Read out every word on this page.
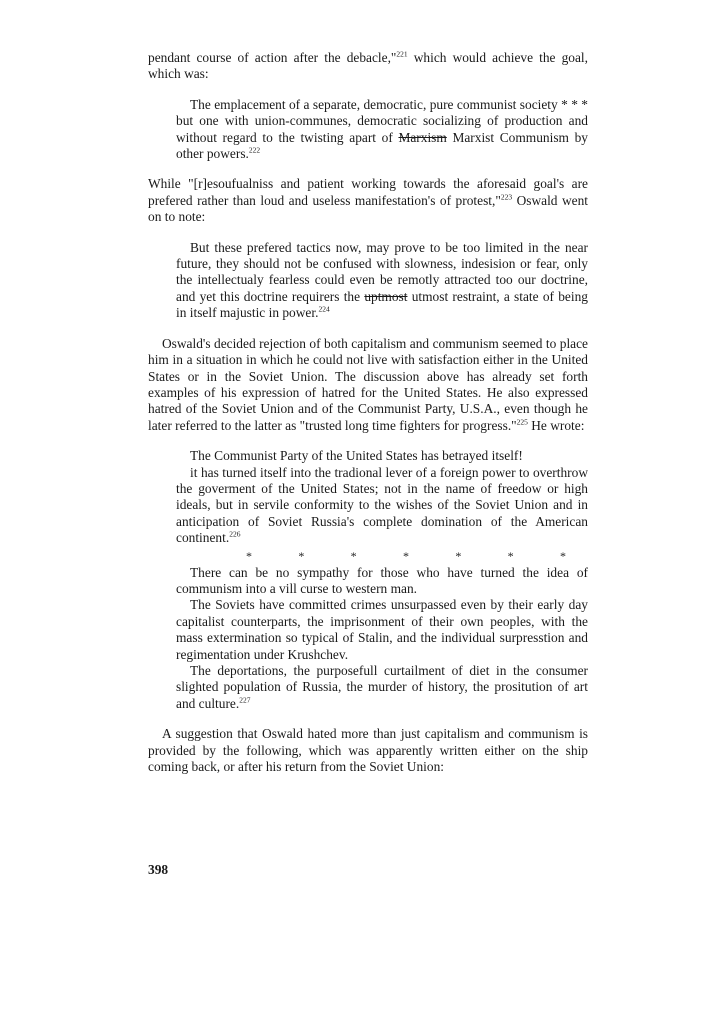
pendant course of action after the debacle,"$^{221}$ which would achieve the goal, which was:

The emplacement of a separate, democratic, pure communist society * * * but one with union-communes, democratic socializing of production and without regard to the twisting apart of Marxism Marxist Communism by other powers.$^{222}$

While "[r]esoufualniss and patient working towards the aforesaid goal's are prefered rather than loud and useless manifestation's of protest,"$^{223}$ Oswald went on to note:

But these prefered tactics now, may prove to be too limited in the near future, they should not be confused with slowness, indesision or fear, only the intellectualy fearless could even be remotly attracted too our doctrine, and yet this doctrine requirers the uptmost utmost restraint, a state of being in itself majustic in power.$^{224}$

Oswald's decided rejection of both capitalism and communism seemed to place him in a situation in which he could not live with satisfaction either in the United States or in the Soviet Union. The discussion above has already set forth examples of his expression of hatred for the United States. He also expressed hatred of the Soviet Union and of the Communist Party, U.S.A., even though he later referred to the latter as "trusted long time fighters for progress."$^{225}$ He wrote:

The Communist Party of the United States has betrayed itself!

it has turned itself into the tradional lever of a foreign power to overthrow the goverment of the United States; not in the name of freedow or high ideals, but in servile conformity to the wishes of the Soviet Union and in anticipation of Soviet Russia's complete domination of the American continent.$^{226}$

*	*	*	*	*	*	*

There can be no sympathy for those who have turned the idea of communism into a vill curse to western man.

The Soviets have committed crimes unsurpassed even by their early day capitalist counterparts, the imprisonment of their own peoples, with the mass extermination so typical of Stalin, and the individual surpresstion and regimentation under Krushchev.

The deportations, the purposefull curtailment of diet in the consumer slighted population of Russia, the murder of history, the prositution of art and culture.$^{227}$

A suggestion that Oswald hated more than just capitalism and communism is provided by the following, which was apparently written either on the ship coming back, or after his return from the Soviet Union:

398
